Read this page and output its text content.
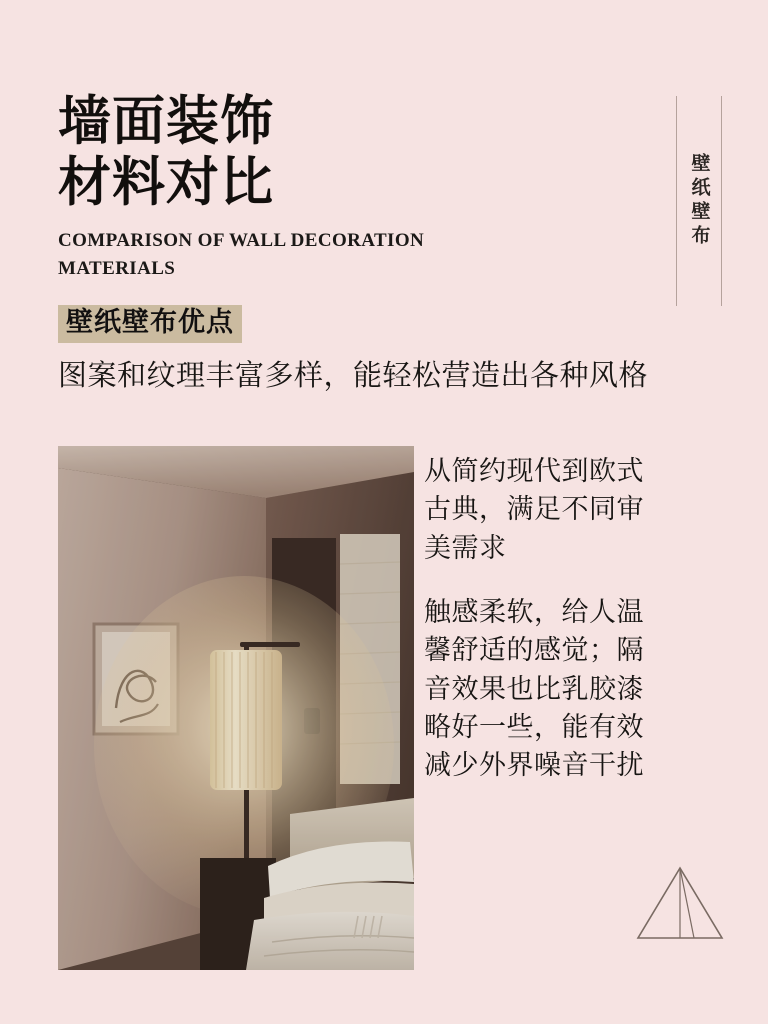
壁纸壁布
墙面装饰
材料对比
COMPARISON OF WALL DECORATION MATERIALS
壁纸壁布优点
图案和纹理丰富多样，能轻松营造出各种风格

从简约现代到欧式古典，满足不同审美需求

触感柔软，给人温馨舒适的感觉；隔音效果也比乳胶漆略好一些，能有效减少外界噪音干扰
